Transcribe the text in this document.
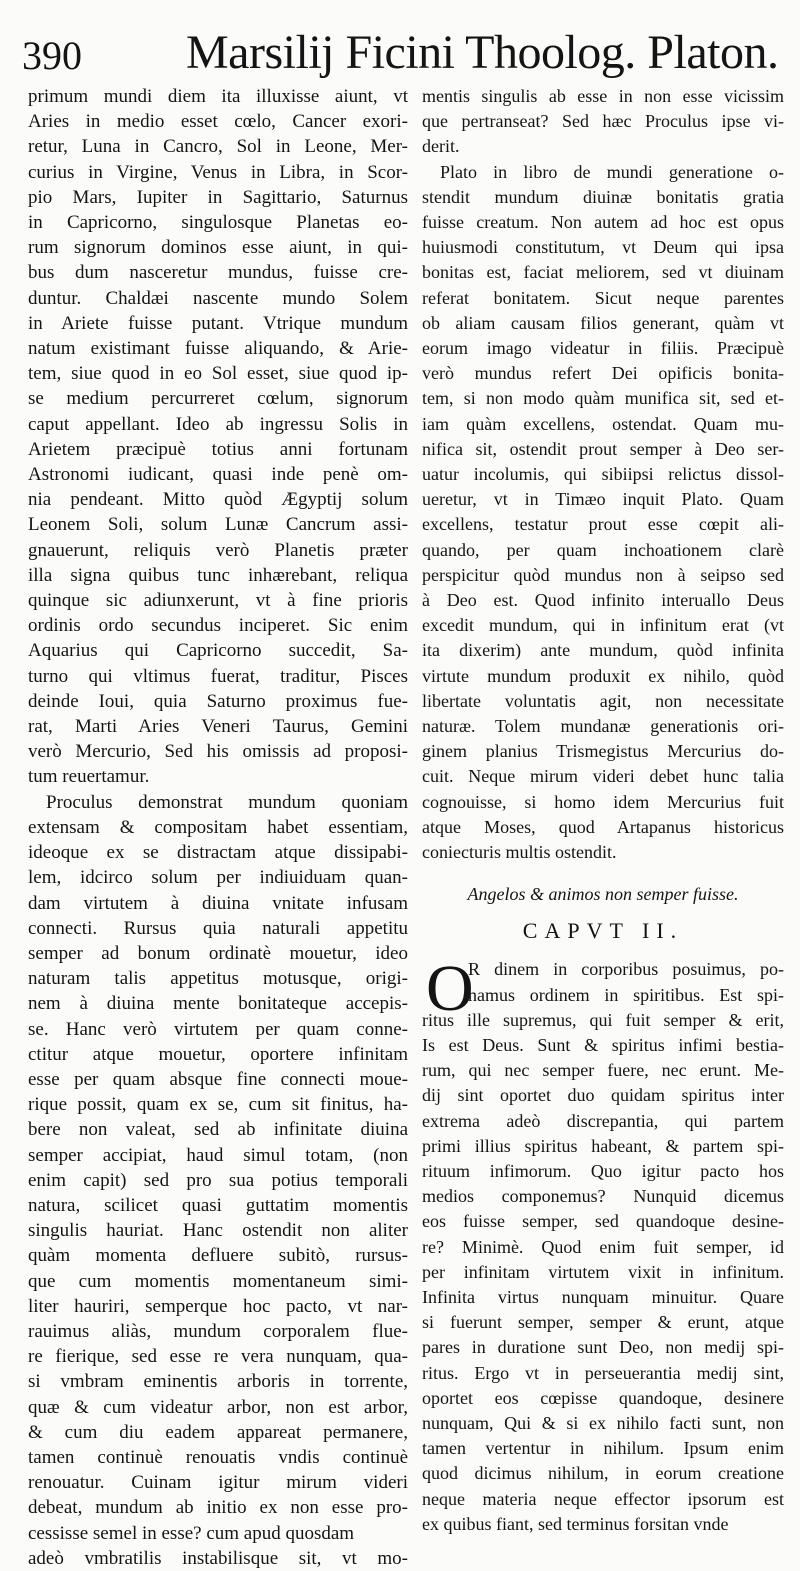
390 Marsilij Ficini Thoolog. Platon.
primum mundi diem ita illuxisse aiunt, vt
Aries in medio esset cœlo, Cancer exori-
retur, Luna in Cancro, Sol in Leone, Mer-
curius in Virgine, Venus in Libra, in Scor-
pio Mars, Iupiter in Sagittario, Saturnus
in Capricorno, singulosque Planetas eo-
rum signorum dominos esse aiunt, in qui-
bus dum nasceretur mundus, fuisse cre-
duntur. Chaldæi nascente mundo Solem
in Ariete fuisse putant. Vtrique mundum
natum existimant fuisse aliquando, & Arie-
tem, siue quod in eo Sol esset, siue quod ip-
se medium percurreret cœlum, signorum
caput appellant. Ideo ab ingressu Solis in
Arietem præcipuè totius anni fortunam
Astronomi iudicant, quasi inde penè om-
nia pendeant. Mitto quòd Ægyptij solum
Leonem Soli, solum Lunæ Cancrum assi-
gnauerunt, reliquis verò Planetis præter
illa signa quibus tunc inhærebant, reliqua
quinque sic adiunxerunt, vt à fine prioris
ordinis ordo secundus inciperet. Sic enim
Aquarius qui Capricorno succedit, Sa-
turno qui vltimus fuerat, traditur, Pisces
deinde Ioui, quia Saturno proximus fue-
rat, Marti Aries Veneri Taurus, Gemini
verò Mercurio, Sed his omissis ad proposi-
tum reuertamur.
Proculus demonstrat mundum quoniam
extensam & compositam habet essentiam,
ideoque ex se distractam atque dissipabi-
lem, idcirco solum per indiuiduam quan-
dam virtutem à diuina vnitate infusam
connecti. Rursus quia naturali appetitu
semper ad bonum ordinatè mouetur, ideo
naturam talis appetitus motusque, origi-
nem à diuina mente bonitateque accepis-
se. Hanc verò virtutem per quam conne-
ctitur atque mouetur, oportere infinitam
esse per quam absque fine connecti moue-
rique possit, quam ex se, cum sit finitus, ha-
bere non valeat, sed ab infinitate diuina
semper accipiat, haud simul totam, (non
enim capit) sed pro sua potius temporali
natura, scilicet quasi guttatim momentis
singulis hauriat. Hanc ostendit non aliter
quàm momenta defluere subitò, rursus-
que cum momentis momentaneum simi-
liter hauriri, semperque hoc pacto, vt nar-
rauimus aliàs, mundum corporalem flue-
re fierique, sed esse re vera nunquam, qua-
si vmbram eminentis arboris in torrente,
quæ & cum videatur arbor, non est arbor,
& cum diu eadem appareat permanere,
tamen continuè renouatis vndis continuè
renouatur. Cuinam igitur mirum videri
debeat, mundum ab initio ex non esse pro-
cessisse semel in esse? cum apud quosdam
adeò vmbratilis instabilisque sit, vt mo-
mentis singulis ab esse in non esse vicissim
que pertranseat? Sed hæc Proculus ipse vi-
derit.
Plato in libro de mundi generatione o-
stendit mundum diuinæ bonitatis gratia
fuisse creatum. Non autem ad hoc est opus
huiusmodi constitutum, vt Deum qui ipsa
bonitas est, faciat meliorem, sed vt diuinam
referat bonitatem. Sicut neque parentes
ob aliam causam filios generant, quàm vt
eorum imago videatur in filiis. Præcipuè
verò mundus refert Dei opificis bonita-
tem, si non modo quàm munifica sit, sed et-
iam quàm excellens, ostendat. Quam mu-
nifica sit, ostendit prout semper à Deo ser-
uatur incolumis, qui sibiipsi relictus dissol-
ueretur, vt in Timæo inquit Plato. Quam
excellens, testatur prout esse cœpit ali-
quando, per quam inchoationem clarè
perspicitur quòd mundus non à seipso sed
à Deo est. Quod infinito interuallo Deus
excedit mundum, qui in infinitum erat (vt
ita dixerim) ante mundum, quòd infinita
virtute mundum produxit ex nihilo, quòd
libertate voluntatis agit, non necessitate
naturæ. Tolem mundanæ generationis ori-
ginem planius Trismegistus Mercurius do-
cuit. Neque mirum videri debet hunc talia
cognouisse, si homo idem Mercurius fuit
atque Moses, quod Artapanus historicus
coniecturis multis ostendit.
Angelos & animos non semper fuisse.
CAPVT II.
O
R dinem in corporibus posuimus, po-
namus ordinem in spiritibus. Est spi-
ritus ille supremus, qui fuit semper & erit,
Is est Deus. Sunt & spiritus infimi bestia-
rum, qui nec semper fuere, nec erunt. Me-
dij sint oportet duo quidam spiritus inter
extrema adeò discrepantia, qui partem
primi illius spiritus habeant, & partem spi-
rituum infimorum. Quo igitur pacto hos
medios componemus? Nunquid dicemus
eos fuisse semper, sed quandoque desine-
re? Minimè. Quod enim fuit semper, id
per infinitam virtutem vixit in infinitum.
Infinita virtus nunquam minuitur. Quare
si fuerunt semper, semper & erunt, atque
pares in duratione sunt Deo, non medij spi-
ritus. Ergo vt in perseuerantia medij sint,
oportet eos cœpisse quandoque, desinere
nunquam, Qui & si ex nihilo facti sunt, non
tamen vertentur in nihilum. Ipsum enim
quod dicimus nihilum, in eorum creatione
neque materia neque effector ipsorum est
ex quibus fiant, sed terminus forsitan vnde
